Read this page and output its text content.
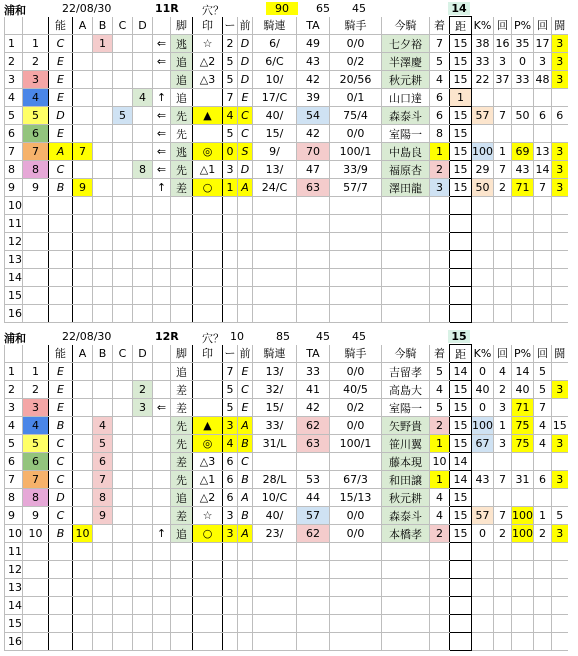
浦和	22/08/30	11R 穴？	90	65 45	14
		能	A	B	C	D		脚	印	ー	前	騎連	TA	騎手	今騎	着	距	K%	回	P%	回	闘
1	1	C		1			⇐	逃	☆	2	D	6/	49	0/0	七夕裕	7	15	38	16	35	17	3
2	2	E					⇐	追	△2	5	D	6/C	43	0/2	半澤慶	5	15	33	3	0	3	3
3	3	E						追	△3	5	D	10/	42	20/56	秋元耕	4	15	22	37	33	48	3
4	4	E				4	↑	追		7	E	17/C	39	0/1	山口達	6	1					
5	5	D			5		⇐	先	▲	4	C	40/	54	75/4	森泰斗	6	15	57	7	50	6	6
6	6	E					⇐	先		5	C	15/	42	0/0	室陽一	8	15					
7	7	A	7				⇐	逃	◎	0	S	9/	70	100/1	中島良	1	15	100	1	69	13	3
8	8	C				8	⇐	先	△1	3	D	13/	47	33/9	福原杏	2	15	29	7	43	14	3
9	9	B	9				↑	差	○	1	A	24/C	63	57/7	澤田龍	3	15	50	2	71	7	3
10																						
11																						
12																						
13																						
14																						
15																						
16																						
浦和	22/08/30	12R 穴？ 10	85 45 45	15
		能	A	B	C	D		脚	印	ー	前	騎連	TA	騎手	今騎	着	距	K%	回	P%	回	闘
1	1	E						追		7	E	13/	33	0/0	吉留孝	5	14	0	4	14	5	
2	2	E				2		差		5	C	32/	41	40/5	高島大	4	15	40	2	40	5	3
3	3	E				3	⇐	差		5	E	15/	42	0/2	室陽一	5	15	0	3	71	7	
4	4	B		4				先	▲	3	A	33/	62	0/0	矢野貴	2	15	100	1	75	4	15
5	5	C		5				先	◎	4	B	31/L	63	100/1	笹川翼	1	15	67	3	75	4	3
6	6	C		6				差	△3	6	C				藤本現	10	14					
7	7	C		7				先	△1	6	B	28/L	53	67/3	和田譲	1	14	43	7	31	6	3
8	8	D		8				追	△2	6	A	10/C	44	15/13	秋元耕	4	15					
9	9	C		9				差	☆	3	B	40/	57	0/0	森泰斗	4	15	57	7	100	1	5
10	10	B	10				↑	追	○	3	A	23/	62	0/0	本橋孝	2	15	0	2	100	2	3
11																						
12																						
13																						
14																						
15																						
16																						
